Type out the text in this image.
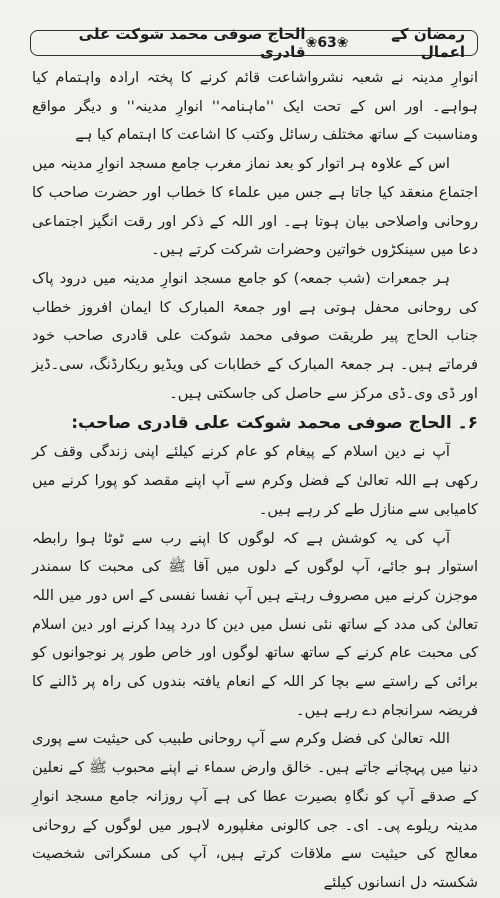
رمضان کے اعمال
❀63❀
الحاج صوفی محمد شوکت علی قادری

انوارِ مدینہ نے شعبہ نشرواشاعت قائم کرنے کا پختہ ارادہ واہتمام کیا ہواہے۔ اور اس کے تحت ایک ''ماہنامہ'' انوارِ مدینہ'' و دیگر مواقع ومناسبت کے ساتھ مختلف رسائل وکتب کا اشاعت کا اہتمام کیا ہے

اس کے علاوہ ہر اتوار کو بعد نماز مغرب جامع مسجد انوارِ مدینہ میں اجتماع منعقد کیا جاتا ہے جس میں علماء کا خطاب اور حضرت صاحب کا روحانی واصلاحی بیان ہوتا ہے۔ اور اللہ کے ذکر اور رقت انگیز اجتماعی دعا میں سینکڑوں خواتین وحضرات شرکت کرتے ہیں۔

ہر جمعرات (شب جمعہ) کو جامع مسجد انوارِ مدینہ میں درود پاک کی روحانی محفل ہوتی ہے اور جمعۃ المبارک کا ایمان افروز خطاب جناب الحاج پیر طریقت صوفی محمد شوکت علی قادری صاحب خود فرماتے ہیں۔ ہر جمعۃ المبارک کے خطابات کی ویڈیو ریکارڈنگ، سی۔ڈیز اور ڈی وی۔ڈی مرکز سے حاصل کی جاسکتی ہیں۔

۶۔ الحاج صوفی محمد شوکت علی قادری صاحب:

آپ نے دین اسلام کے پیغام کو عام کرنے کیلئے اپنی زندگی وقف کر رکھی ہے اللہ تعالیٰ کے فضل وکرم سے آپ اپنے مقصد کو پورا کرنے میں کامیابی سے منازل طے کر رہے ہیں۔

آپ کی یہ کوشش ہے کہ لوگوں کا اپنے رب سے ٹوٹا ہوا رابطہ استوار ہو جائے، آپ لوگوں کے دلوں میں آقا ﷺ کی محبت کا سمندر موجزن کرنے میں مصروف رہتے ہیں آپ نفسا نفسی کے اس دور میں اللہ تعالیٰ کی مدد کے ساتھ نئی نسل میں دین کا درد پیدا کرنے اور دین اسلام کی محبت عام کرنے کے ساتھ ساتھ لوگوں اور خاص طور پر نوجوانوں کو برائی کے راستے سے بچا کر اللہ کے انعام یافتہ بندوں کی راہ پر ڈالنے کا فریضہ سرانجام دے رہے ہیں۔

اللہ تعالیٰ کی فضل وکرم سے آپ روحانی طبیب کی حیثیت سے پوری دنیا میں پہچانے جاتے ہیں۔ خالق وارض سماء نے اپنے محبوب ﷺ کے نعلین کے صدقے آپ کو نگاہِ بصیرت عطا کی ہے آپ روزانہ جامع مسجد انوارِ مدینہ ریلوے پی۔ ای۔ جی کالونی مغلپورہ لاہور میں لوگوں کے روحانی معالج کی حیثیت سے ملاقات کرتے ہیں، آپ کی مسکراتی شخصیت شکستہ دل انسانوں کیلئے
